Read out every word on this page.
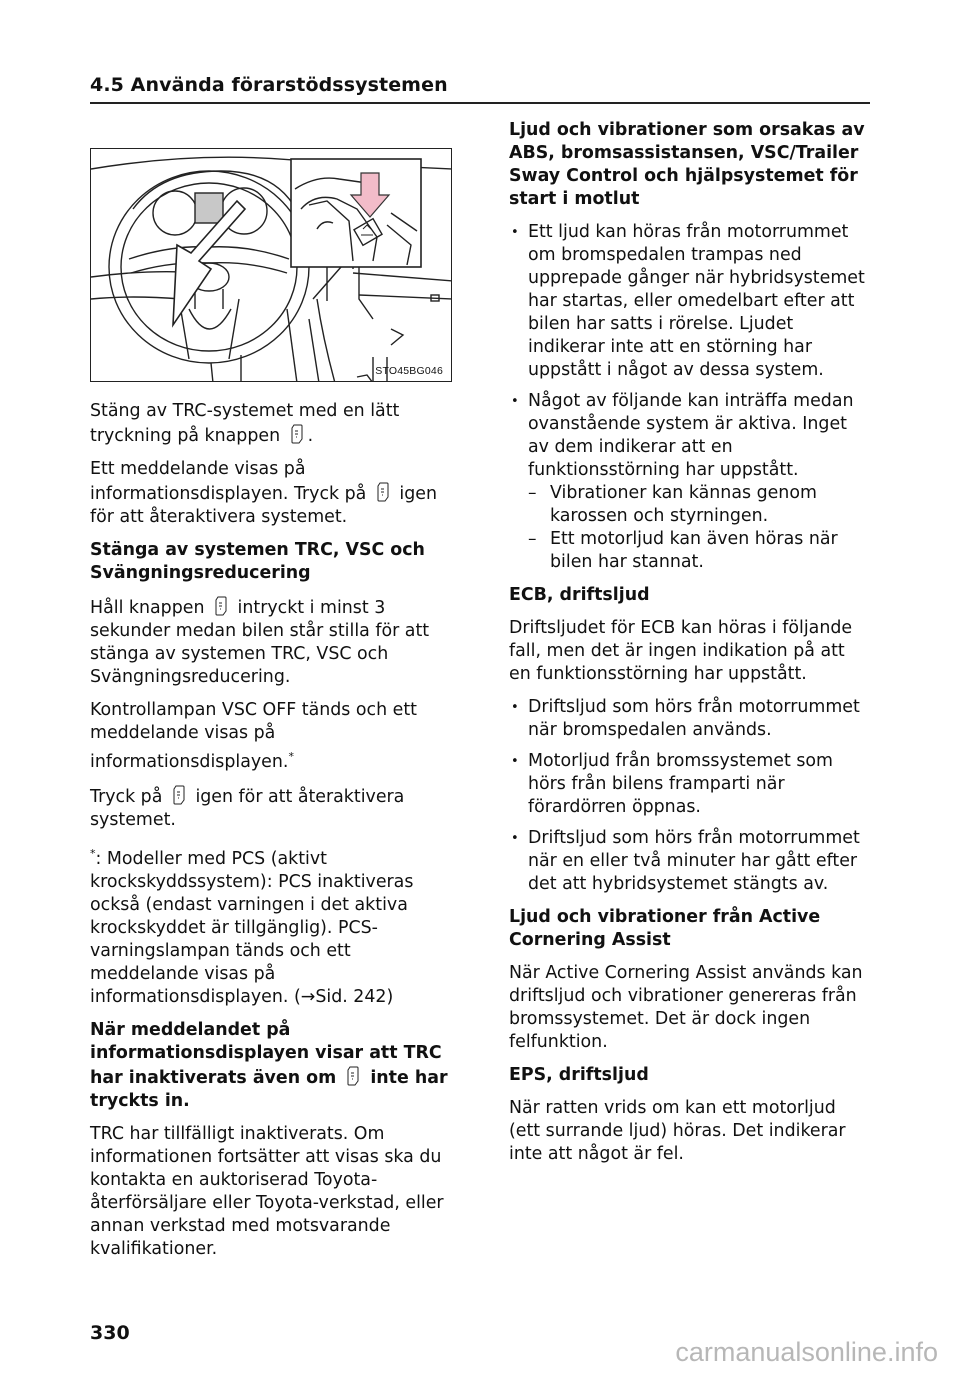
4.5 Använda förarstödssystemen
STO45BG046

Stäng av TRC-systemet med en lätt tryckning på knappen .

Ett meddelande visas på informationsdisplayen. Tryck på igen för att återaktivera systemet.

Stänga av systemen TRC, VSC och Svängningsreducering

Håll knappen intryckt i minst 3 sekunder medan bilen står stilla för att stänga av systemen TRC, VSC och Svängningsreducering.

Kontrollampan VSC OFF tänds och ett meddelande visas på informationsdisplayen.*

Tryck på igen för att återaktivera systemet.

*: Modeller med PCS (aktivt krockskyddssystem): PCS inaktiveras också (endast varningen i det aktiva krockskyddet är tillgänglig). PCS-varningslampan tänds och ett meddelande visas på informationsdisplayen. (→Sid. 242)

När meddelandet på informationsdisplayen visar att TRC har inaktiverats även om inte har tryckts in.

TRC har tillfälligt inaktiverats. Om informationen fortsätter att visas ska du kontakta en auktoriserad Toyota-återförsäljare eller Toyota-verkstad, eller annan verkstad med motsvarande kvalifikationer.

Ljud och vibrationer som orsakas av ABS, bromsassistansen, VSC/Trailer Sway Control och hjälpsystemet för start i motlut

• Ett ljud kan höras från motorrummet om bromspedalen trampas ned upprepade gånger när hybridsystemet har startas, eller omedelbart efter att bilen har satts i rörelse. Ljudet indikerar inte att en störning har uppstått i något av dessa system.
• Något av följande kan inträffa medan ovanstående system är aktiva. Inget av dem indikerar att en funktionsstörning har uppstått.
– Vibrationer kan kännas genom karossen och styrningen.
– Ett motorljud kan även höras när bilen har stannat.

ECB, driftsljud

Driftsljudet för ECB kan höras i följande fall, men det är ingen indikation på att en funktionsstörning har uppstått.

• Driftsljud som hörs från motorrummet när bromspedalen används.
• Motorljud från bromssystemet som hörs från bilens framparti när förardörren öppnas.
• Driftsljud som hörs från motorrummet när en eller två minuter har gått efter det att hybridsystemet stängts av.

Ljud och vibrationer från Active Cornering Assist

När Active Cornering Assist används kan driftsljud och vibrationer genereras från bromssystemet. Det är dock ingen felfunktion.

EPS, driftsljud

När ratten vrids om kan ett motorljud (ett surrande ljud) höras. Det indikerar inte att något är fel.

330
carmanualsonline.info
